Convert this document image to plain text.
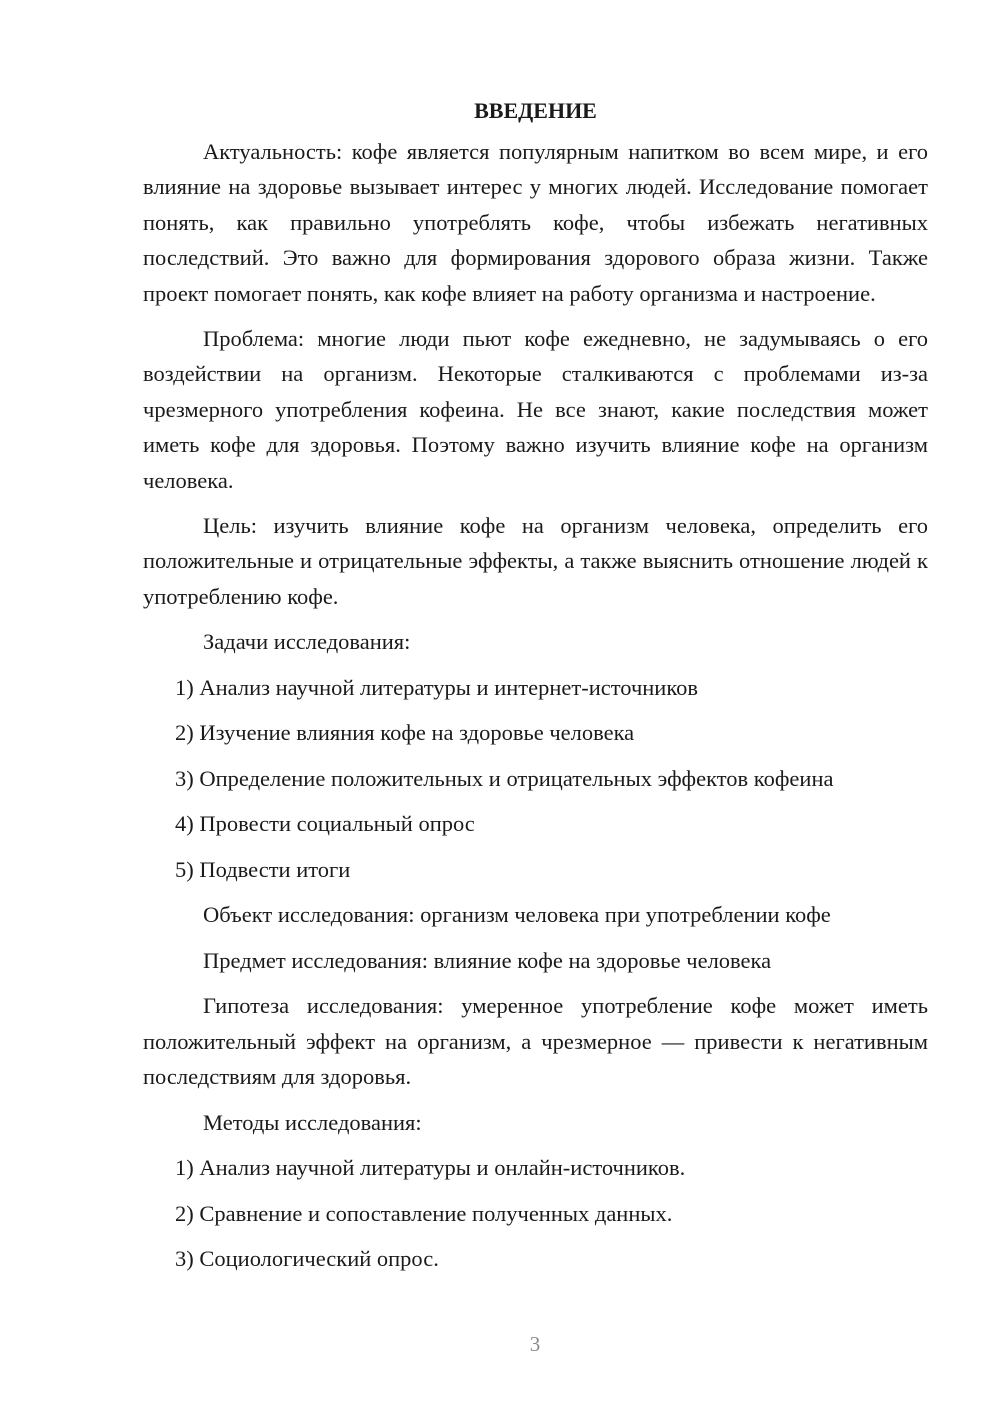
ВВЕДЕНИЕ

Актуальность: кофе является популярным напитком во всем мире, и его влияние на здоровье вызывает интерес у многих людей. Исследование помогает понять, как правильно употреблять кофе, чтобы избежать негативных последствий. Это важно для формирования здорового образа жизни. Также проект помогает понять, как кофе влияет на работу организма и настроение.

Проблема: многие люди пьют кофе ежедневно, не задумываясь о его воздействии на организм. Некоторые сталкиваются с проблемами из-за чрезмерного употребления кофеина. Не все знают, какие последствия может иметь кофе для здоровья. Поэтому важно изучить влияние кофе на организм человека.

Цель: изучить влияние кофе на организм человека, определить его положительные и отрицательные эффекты, а также выяснить отношение людей к употреблению кофе.

Задачи исследования:

1) Анализ научной литературы и интернет-источников

2) Изучение влияния кофе на здоровье человека

3) Определение положительных и отрицательных эффектов кофеина

4) Провести социальный опрос

5) Подвести итоги

Объект исследования: организм человека при употреблении кофе

Предмет исследования: влияние кофе на здоровье человека

Гипотеза исследования: умеренное употребление кофе может иметь положительный эффект на организм, а чрезмерное — привести к негативным последствиям для здоровья.

Методы исследования:

1) Анализ научной литературы и онлайн-источников.

2) Сравнение и сопоставление полученных данных.

3) Социологический опрос.

3
